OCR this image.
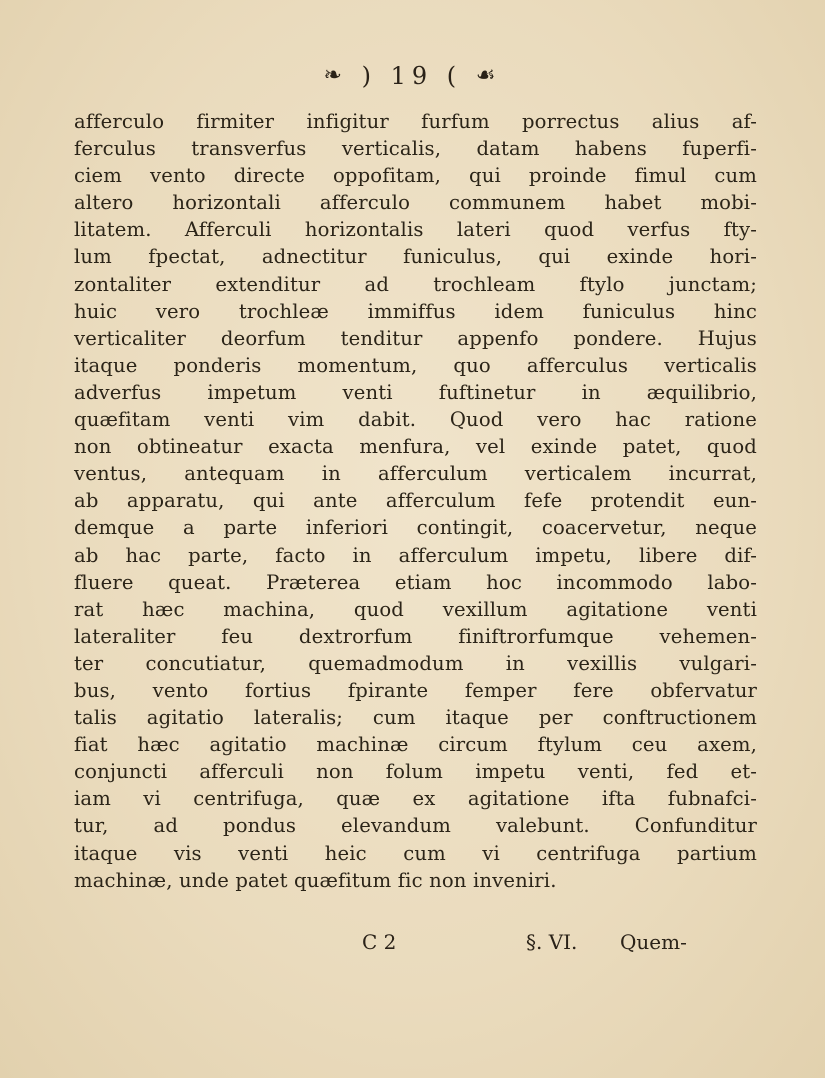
❧ ) 19 ( ☙
afferculo firmiter infigitur furfum porrectus alius af-
ferculus transverfus verticalis, datam habens fuperfi-
ciem vento directe oppofitam, qui proinde fimul cum
altero horizontali afferculo communem habet mobi-
litatem. Afferculi horizontalis lateri quod verfus fty-
lum fpectat, adnectitur funiculus, qui exinde hori-
zontaliter extenditur ad trochleam ftylo junctam;
huic vero trochleæ immiffus idem funiculus hinc
verticaliter deorfum tenditur appenfo pondere. Hujus
itaque ponderis momentum, quo afferculus verticalis
adverfus impetum venti fuftinetur in æquilibrio,
quæfitam venti vim dabit. Quod vero hac ratione
non obtineatur exacta menfura, vel exinde patet, quod
ventus, antequam in afferculum verticalem incurrat,
ab apparatu, qui ante afferculum fefe protendit eun-
demque a parte inferiori contingit, coacervetur, neque
ab hac parte, facto in afferculum impetu, libere dif-
fluere queat. Præterea etiam hoc incommodo labo-
rat hæc machina, quod vexillum agitatione venti
lateraliter feu dextrorfum finiftrorfumque vehemen-
ter concutiatur, quemadmodum in vexillis vulgari-
bus, vento fortius fpirante femper fere obfervatur
talis agitatio lateralis; cum itaque per conftructionem
fiat hæc agitatio machinæ circum ftylum ceu axem,
conjuncti afferculi non folum impetu venti, fed et-
iam vi centrifuga, quæ ex agitatione ifta fubnafci-
tur, ad pondus elevandum valebunt. Confunditur
itaque vis venti heic cum vi centrifuga partium
machinæ, unde patet quæfitum fic non inveniri.
C 2	§. VI. Quem-
